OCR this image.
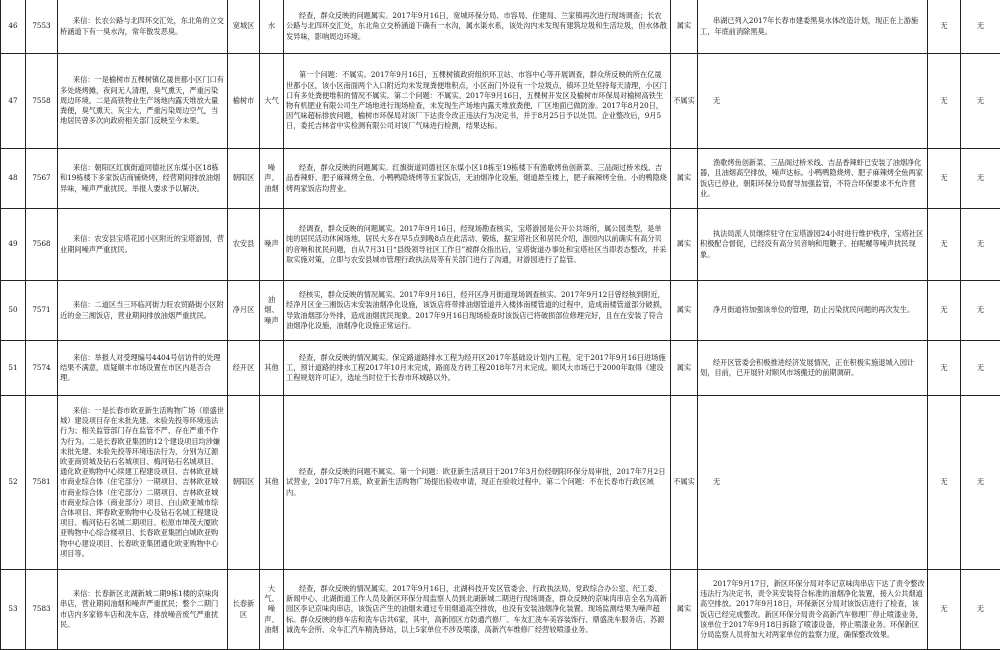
46	7553	来信：长农公路与北四环交汇处，东北角的立交桥涵道下有一臭水沟，常年散发恶臭。	宽城区	水	经查，群众反映的问题属实。2017年9月16日，宽城环保分局、市容局、住建局、兰家镇再次进行现场调查；长农公路与北四环交汇处，东北角立交桥涵道下确有一水沟，属水渠水系，该处沟内未发现有建筑垃圾和生活垃圾，但水体散发异味，影响周边环境。	属实	串湖已列入2017年长春市建委黑臭水体改造计划，现正在上游施工，年底前消除黑臭。	无	无

47	7558	来信：一是榆树市五棵树镇亿晟世都小区门口有多处烧烤摊，夜间无人清理，臭气熏天，严重污染周边环境。二是高铁物业生产场地内露天堆放大量粪便，臭气熏天、灰尘大，严重污染周边空气，当地居民曾多次向政府相关部门反映至今未果。	榆树市	大气	第一个问题：不属实。2017年9月16日，五棵树镇政府组织环卫站、市容中心等开展调查，群众所反映的所在亿晟世都小区，该小区南面两个入口附近均未发现粪便堆积点，小区南门外设有一个垃圾点，镇环卫处坚持每天清理，小区门口有多处粪便堆积的情况不属实。第二个问题：不属实。2017年9月16日，五棵树开发区及榆树市环保局对榆树高铁生物有机肥业有限公司生产场地进行现场检查，未发现生产场地内露天堆放粪便，厂区地面已做防渗。2017年8月20日，因气味超标排放问题，榆树市环保局对该厂下达责令改正违法行为决定书，并于8月25日予以处罚。企业整改后，9月5日，委托吉林省中实检测有限公司对该厂气味进行检测，结果达标。	不属实	无	无	无

48	7567	来信：朝阳区红旗街道同德社区东煤小区18栋和19栋楼下多家饭店商铺烧烤，经营期间排放油烟异味，噪声严重扰民。举报人要求予以解决。	朝阳区	噪声、油烟	经查，群众反映的问题属实。红旗街道同德社区东煤小区18栋至19栋楼下有渔歌烤鱼创新菜、三品阁过桥米线、吉品香辣虾、肥子麻辣烤全鱼、小鸭鸭隐烧烤等五家饭店，无油烟净化设施，烟道悬至楼上，肥子麻辣烤全鱼、小的鸭隐烧烤两家饭店均营业。	属实	渔歌烤鱼创新菜、三品阁过桥米线、吉品香辣虾已安装了油烟净化器，且油烟高空排放，噪声达标。小鸭鸭隐烧烤、肥子麻辣烤全鱼两家饭店已停业，朝阳环保分局督导加强监管，不符合环保要求不允许营业。	无	无

49	7568	来信：农安县宝塔花园小区附近的宝塔游园，营业期间噪声严重扰民。	农安县	噪声	经调查，群众反映的问题属实。2017年9月16日，经现场勘查核实，宝塔游园是公开公共场所，属公园类型，是单纯的居民活动休闲场地，居民大多在早5点到晚8点在此活动、锻炼，据宝塔社区和居民介绍，游园内以前确实有高分贝的音响和扰民问题，自从7月31日“县级领导社区工作日”被群众指出后，宝塔街道办事处和宝塔社区当即表态整改，并采取实施对策，立即与农安县城市管理行政执法局等有关部门进行了沟通，对游园进行了监管。	属实	执法局派人员继续驻守在宝塔游园24小时进行维护秩序，宝塔社区积极配合督促，已经没有高分贝音响和甩鞭子、拍呢螺等噪声扰民现象。	无	无

50	7571	来信：二道区当三环临河街力旺农贸路街小区附近的金三湘饭店，营业期间排放油烟严重扰民。	净月区	油烟、噪声	经核实，群众反映的情况属实。2017年9月16日，经开区净月街道现场调查核实。2017年9月12日曾经核到附近，经净月区金三湘饭店未安装油烟净化设施，该饭店将带排油烟管道并入楼体南楼管道的过程中，造成南楼管道部分破损，导致油烟部分外排，造成油烟扰民现象。2017年9月16日现场检查时该饭店已将破损部位修理完好，且在在安装了符合油烟净化设施，油烟净化设施正常运行。	属实	净月街道将加强该单位的管理，防止污染扰民问题的再次发生。	无	无

51	7574	来信：举报人对受理编号4404号信访件的处理结果不满意，质疑顺丰市场设置在市区内是否合理。	经开区	其他	经查，群众反映的情况属实。保定路道路排水工程为经开区2017年基础设计划内工程，定于2017年9月16日进场施工，预计道路的排水工程2017年10月末完成，路面及方砖工程2018年7月末完成。顺风大市场已于2000年取得《建设工程规划许可证》，选址当时位于长春市环城路以外。	属实	经开区管委会积极推进经济发展情况，正在积极实施退城入园计划，目前，已开展针对顺风市场搬迁的前期调研。	无	无

52	7581	来信：一是长春市欧亚新生活购物广场（原盛世城）建设项目存在未批先建、未验先投等环境违法行为；相关监管部门存在监管不严、存在严重不作为行为。二是长春欧亚集团的12个建设项目均涉嫌未批先建、未验先投等环境违法行为，分别为辽源欧亚商贸城及钻石名城项目、梅河钻石名城项目、通化欧亚购物中心续建工程建设项目、吉林欧亚城市商业综合体（住宅部分）一期项目、吉林欧亚城市商业综合体（住宅部分）二期项目、吉林欧亚城市商业综合体（商业部分）项目、白山欧亚城市综合体项目、珲春欧亚购物中心及钻石名城工程建设项目、梅河钻石名城二期项目、松原市坤茂大厦欧亚购物中心综合楼项目、长春欧亚集团白城欧亚购物中心建设项目、长春欧亚集团通化欧亚购物中心项目等。	朝阳区	其他	经查，群众反映的问题不属实。第一个问题：欧亚新生活项目于2017年3月份经朝阳环保分局审批，2017年7月2日试营业，2017年7月底，欧亚新生活购物广场提出验收申请，现正在验收过程中。第二个问题：不在长春市行政区域内。	不属实	无	无	无

53	7583	来信：长春新区北湖新城二期9栋1楼的京味肉串店，营业期间油烟和噪声严重扰民；整个二期门市店内多家修车店和洗车店，排放噪音废气严重扰民。	长春新区	大气、噪声、油烟	经查，群众反映的情况属实。2017年9月16日，北湖科技开发区管委会、行政执法局、党政综合办公室、纪工委、新闻中心、北湖街道工作人员及新区环保分局监察人员到北湖新城二期进行现场调查，群众反映的京味肉串店全名为高新园区李记京味肉串店，该饭店产生的油烟未通过专用烟道高空排放，也没有安装油烟净化装置。现场监测结果为噪声超标。群众反映的修车店和洗车店共6家，其中，高新园区方防通汽修厂、车友汇洗车美容装饰行、鼎盛洗车服务店、苏源诚洗车会所、众车汇汽车精洗驿站，以上5家单位不涉及喷漆，高新汽车维修厂经营较喷漆业务。	属实	2017年9月17日，新区环保分局对李记京味肉串店下达了责令整改违法行为决定书，责令其安装符合标准的油烟净化装置，接入公共烟道高空排放。2017年9月18日，环保新区分局对该饭店进行了检查，该饭店已经完成整改。新区环保分局责令高新汽车修理厂停止喷漆业务，该单位于2017年9月18日拆除了喷漆设备，停止喷漆业务。环保新区分局监察人员将加大对两家单位的监察力度，确保整改效果。	无	无
